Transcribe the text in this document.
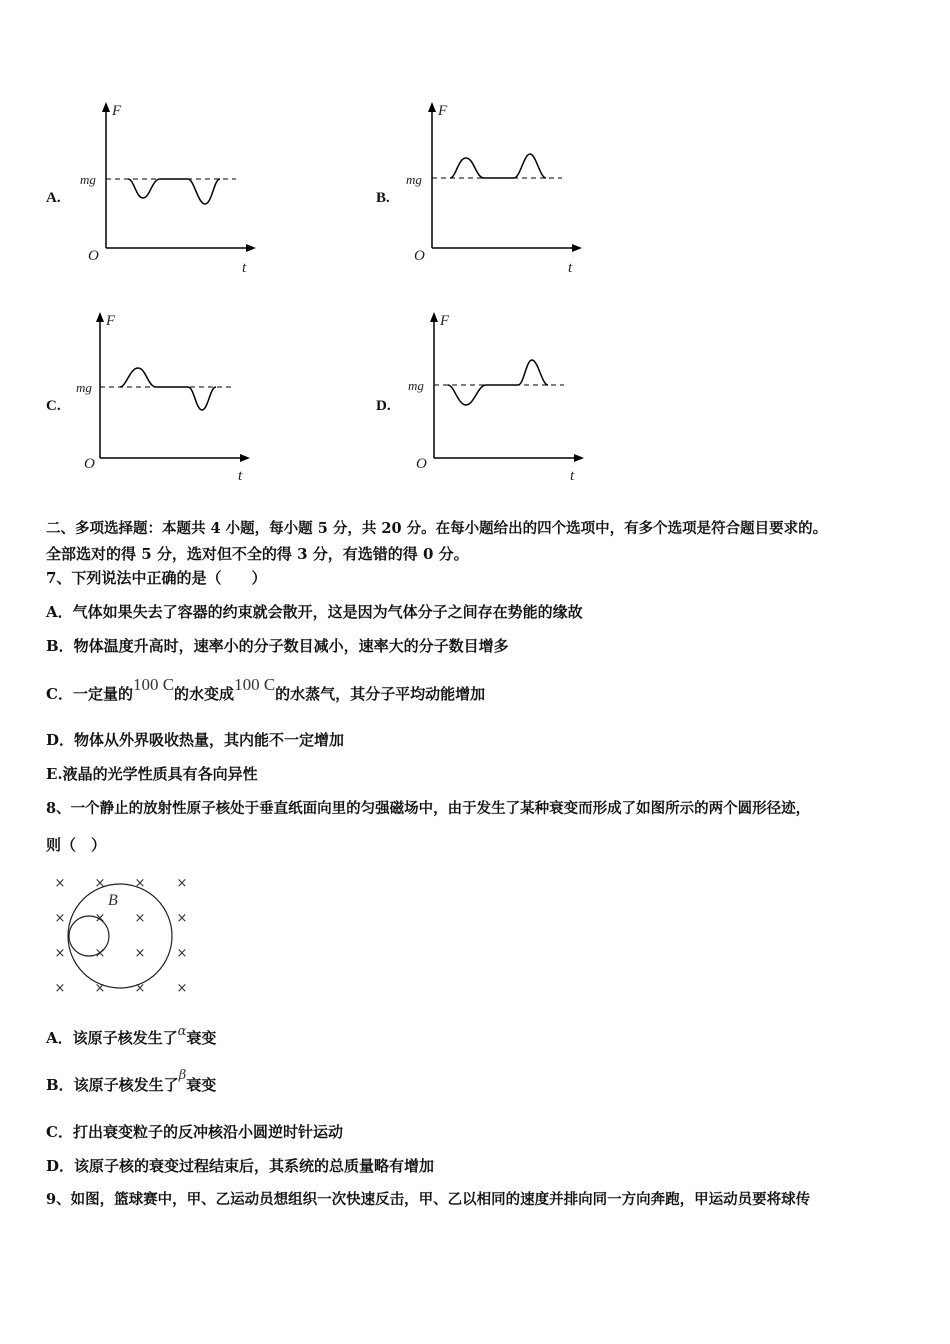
A.
F
t
O
mg
B.
F
t
O
mg
C.
F
t
O
mg
D.
F
t
O
mg
二、多项选择题：本题共 4 小题，每小题 5 分，共 20 分。在每小题给出的四个选项中，有多个选项是符合题目要求的。
全部选对的得 5 分，选对但不全的得 3 分，有选错的得 0 分。
7、下列说法中正确的是（　　）
A．气体如果失去了容器的约束就会散开，这是因为气体分子之间存在势能的缘故
B．物体温度升高时，速率小的分子数目减小，速率大的分子数目增多
C．一定量的100 C的水变成100 C的水蒸气，其分子平均动能增加
D．物体从外界吸收热量，其内能不一定增加
E.液晶的光学性质具有各向异性
8、一个静止的放射性原子核处于垂直纸面向里的匀强磁场中，由于发生了某种衰变而形成了如图所示的两个圆形径迹，
则（　）
× × × ×
× × × ×
× × × ×
× × × ×
B
A．该原子核发生了α衰变
B．该原子核发生了β衰变
C．打出衰变粒子的反冲核沿小圆逆时针运动
D．该原子核的衰变过程结束后，其系统的总质量略有增加
9、如图，篮球赛中，甲、乙运动员想组织一次快速反击，甲、乙以相同的速度并排向同一方向奔跑，甲运动员要将球传
